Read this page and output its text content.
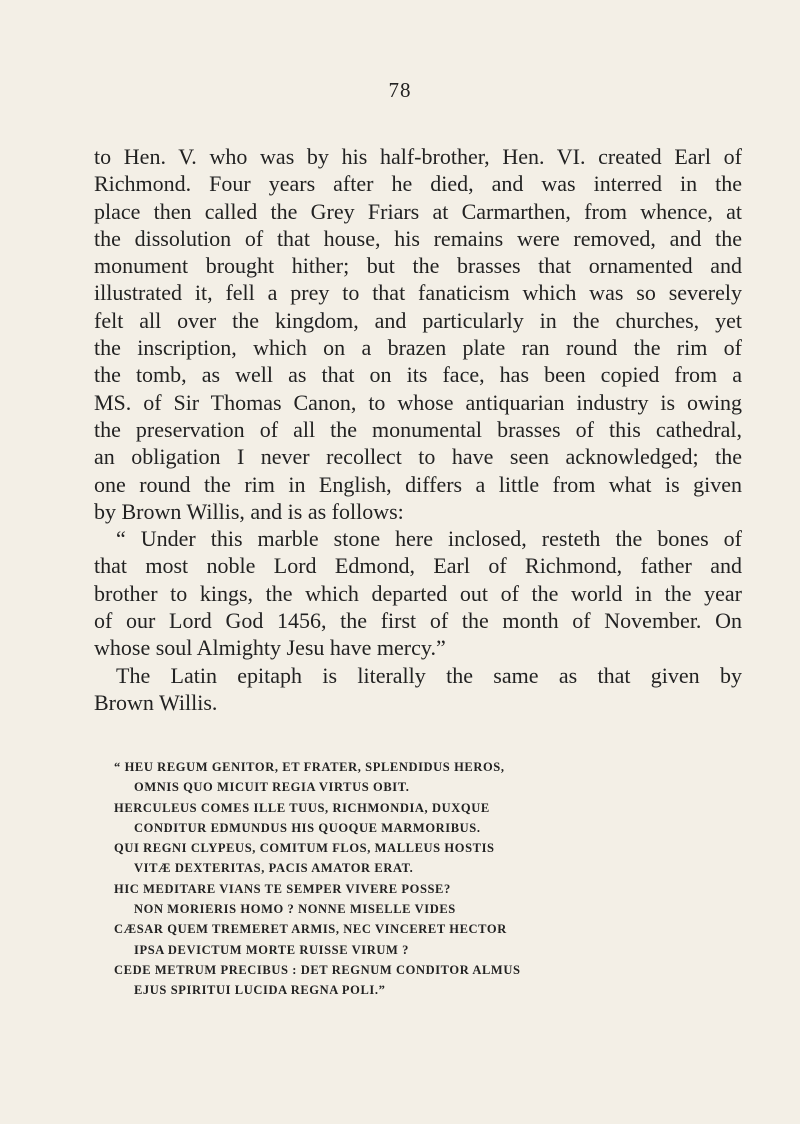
78
to Hen. V. who was by his half-brother, Hen. VI. created Earl of
Richmond. Four years after he died, and was interred in the
place then called the Grey Friars at Carmarthen, from whence, at
the dissolution of that house, his remains were removed, and the
monument brought hither; but the brasses that ornamented and
illustrated it, fell a prey to that fanaticism which was so severely
felt all over the kingdom, and particularly in the churches, yet
the inscription, which on a brazen plate ran round the rim of
the tomb, as well as that on its face, has been copied from a
MS. of Sir Thomas Canon, to whose antiquarian industry is owing
the preservation of all the monumental brasses of this cathedral,
an obligation I never recollect to have seen acknowledged; the
one round the rim in English, differs a little from what is given
by Brown Willis, and is as follows:
“ Under this marble stone here inclosed, resteth the bones of
that most noble Lord Edmond, Earl of Richmond, father and
brother to kings, the which departed out of the world in the year
of our Lord God 1456, the first of the month of November. On
whose soul Almighty Jesu have mercy.”
The Latin epitaph is literally the same as that given by
Brown Willis.
“ HEU REGUM GENITOR, ET FRATER, SPLENDIDUS HEROS,
OMNIS QUO MICUIT REGIA VIRTUS OBIT.
HERCULEUS COMES ILLE TUUS, RICHMONDIA, DUXQUE
CONDITUR EDMUNDUS HIS QUOQUE MARMORIBUS.
QUI REGNI CLYPEUS, COMITUM FLOS, MALLEUS HOSTIS
VITÆ DEXTERITAS, PACIS AMATOR ERAT.
HIC MEDITARE VIANS TE SEMPER VIVERE POSSE?
NON MORIERIS HOMO ? NONNE MISELLE VIDES
CÆSAR QUEM TREMERET ARMIS, NEC VINCERET HECTOR
IPSA DEVICTUM MORTE RUISSE VIRUM ?
CEDE METRUM PRECIBUS : DET REGNUM CONDITOR ALMUS
EJUS SPIRITUI LUCIDA REGNA POLI.”
